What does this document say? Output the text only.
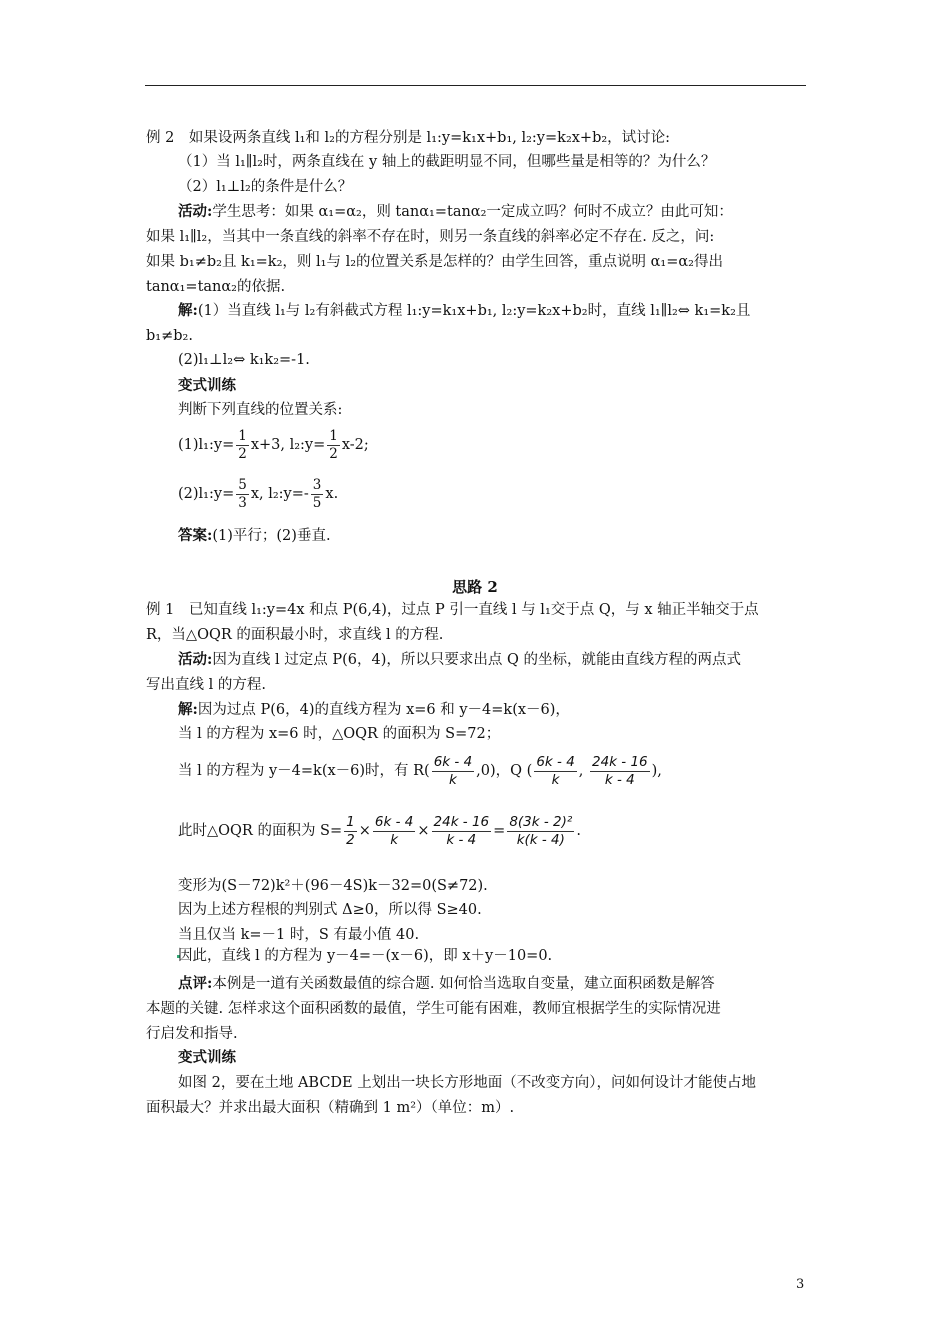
例 2　如果设两条直线 l₁和 l₂的方程分别是 l₁:y=k₁x+b₁, l₂:y=k₂x+b₂，试讨论:
（1）当 l₁∥l₂时，两条直线在 y 轴上的截距明显不同，但哪些量是相等的？为什么？
（2）l₁⊥l₂的条件是什么？
活动:学生思考：如果 α₁=α₂，则 tanα₁=tanα₂一定成立吗？何时不成立？由此可知：
如果 l₁∥l₂，当其中一条直线的斜率不存在时，则另一条直线的斜率必定不存在. 反之，问:
如果 b₁≠b₂且 k₁=k₂，则 l₁与 l₂的位置关系是怎样的？由学生回答，重点说明 α₁=α₂得出
tanα₁=tanα₂的依据.
解:(1）当直线 l₁与 l₂有斜截式方程 l₁:y=k₁x+b₁, l₂:y=k₂x+b₂时，直线 l₁∥l₂⇔ k₁=k₂且
b₁≠b₂.
(2)l₁⊥l₂⇔ k₁k₂=-1.
变式训练
判断下列直线的位置关系:
(1)l₁:y= $\frac{1}{2} x+3$, l₂:y= $\frac{1}{2} x-2$;
(2)l₁:y= $\frac{5}{3} x$, l₂:y=- $\frac{3}{5} x$.
答案:(1)平行；(2)垂直.
思路 2
例 1　已知直线 l₁:y=4x 和点 P(6,4)，过点 P 引一直线 l 与 l₁交于点 Q，与 x 轴正半轴交于点
R，当△OQR 的面积最小时，求直线 l 的方程.
活动:因为直线 l 过定点 P(6，4)，所以只要求出点 Q 的坐标，就能由直线方程的两点式
写出直线 l 的方程.
解:因为过点 P(6，4)的直线方程为 x=6 和 y－4=k(x－6)，
当 l 的方程为 x=6 时，△OQR 的面积为 S=72；
当 l 的方程为 y－4=k(x－6)时，有 $R( \frac{6k - 4}{k} ,0)$，Q ( $\frac{6k - 4}{k}$ , $\frac{24k - 16}{k - 4}$ ),
此时△OQR 的面积为 $S= \frac{1}{2} \times \frac{6k - 4}{k} \times \frac{24k - 16}{k - 4} = \frac{\text{8(3k - 2)²}}{k(k - 4)}$ .
变形为(S－72)k²＋(96－4S)k－32=0(S≠72).
因为上述方程根的判别式 Δ≥0，所以得 S≥40.
当且仅当 k=－1 时，S 有最小值 40.
因此，直线 l 的方程为 y－4=－(x－6)，即 x＋y－10=0.
点评:本例是一道有关函数最值的综合题. 如何恰当选取自变量，建立面积函数是解答
本题的关键. 怎样求这个面积函数的最值，学生可能有困难，教师宜根据学生的实际情况进
行启发和指导.
变式训练
如图 2，要在土地 ABCDE 上划出一块长方形地面（不改变方向），问如何设计才能使占地
面积最大？并求出最大面积（精确到 1 m²）（单位：m）.
3
